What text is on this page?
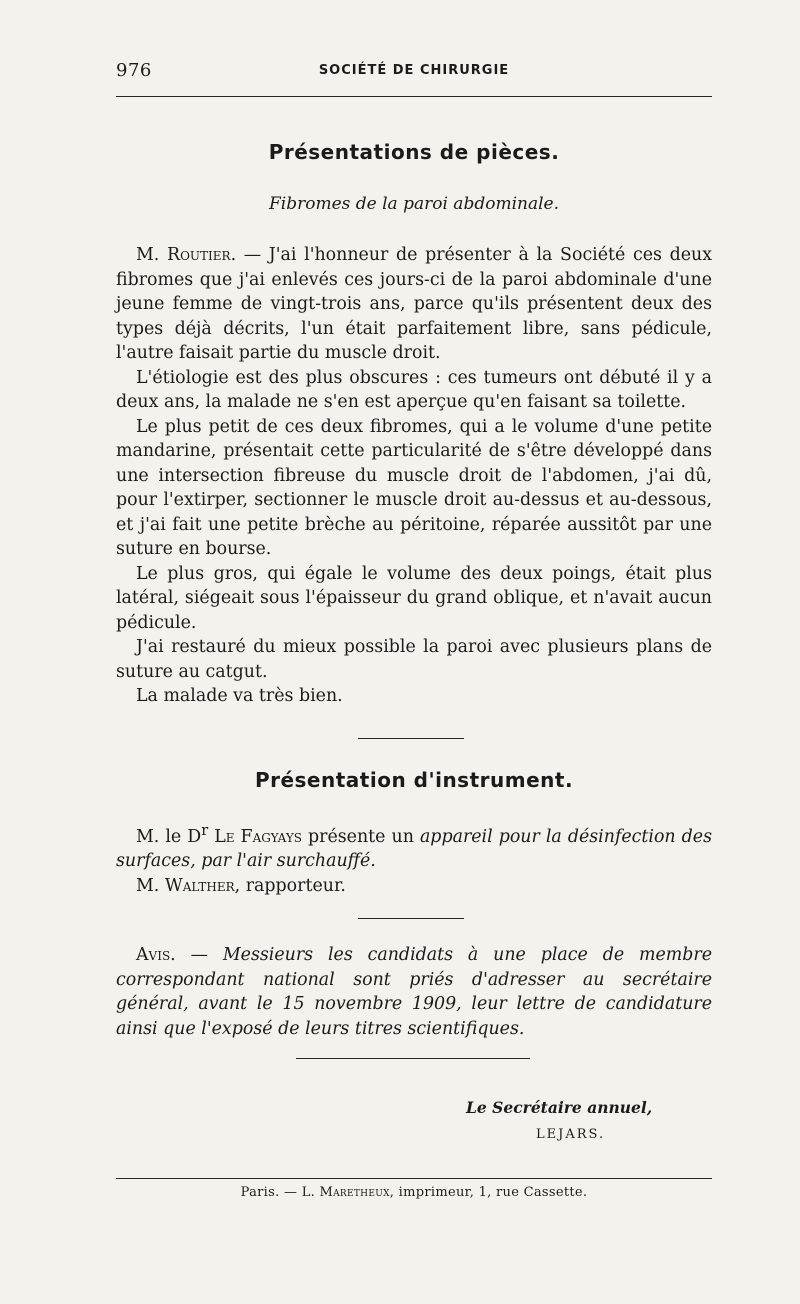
976	SOCIÉTÉ DE CHIRURGIE
Présentations de pièces.
Fibromes de la paroi abdominale.

M. Routier. — J'ai l'honneur de présenter à la Société ces deux fibromes que j'ai enlevés ces jours-ci de la paroi abdominale d'une jeune femme de vingt-trois ans, parce qu'ils présentent deux des types déjà décrits, l'un était parfaitement libre, sans pédicule, l'autre faisait partie du muscle droit.

L'étiologie est des plus obscures : ces tumeurs ont débuté il y a deux ans, la malade ne s'en est aperçue qu'en faisant sa toilette.

Le plus petit de ces deux fibromes, qui a le volume d'une petite mandarine, présentait cette particularité de s'être développé dans une intersection fibreuse du muscle droit de l'abdomen, j'ai dû, pour l'extirper, sectionner le muscle droit au-dessus et au-dessous, et j'ai fait une petite brèche au péritoine, réparée aussitôt par une suture en bourse.

Le plus gros, qui égale le volume des deux poings, était plus latéral, siégeait sous l'épaisseur du grand oblique, et n'avait aucun pédicule.

J'ai restauré du mieux possible la paroi avec plusieurs plans de suture au catgut.

La malade va très bien.

Présentation d'instrument.

M. le $D^r$ Le Fagyays présente un appareil pour la désinfection des surfaces, par l'air surchauffé.

M. Walther, rapporteur.

Avis. — Messieurs les candidats à une place de membre correspondant national sont priés d'adresser au secrétaire général, avant le 15 novembre 1909, leur lettre de candidature ainsi que l'exposé de leurs titres scientifiques.

Le Secrétaire annuel,
LEJARS.
Paris. — L. Maretheux, imprimeur, 1, rue Cassette.
